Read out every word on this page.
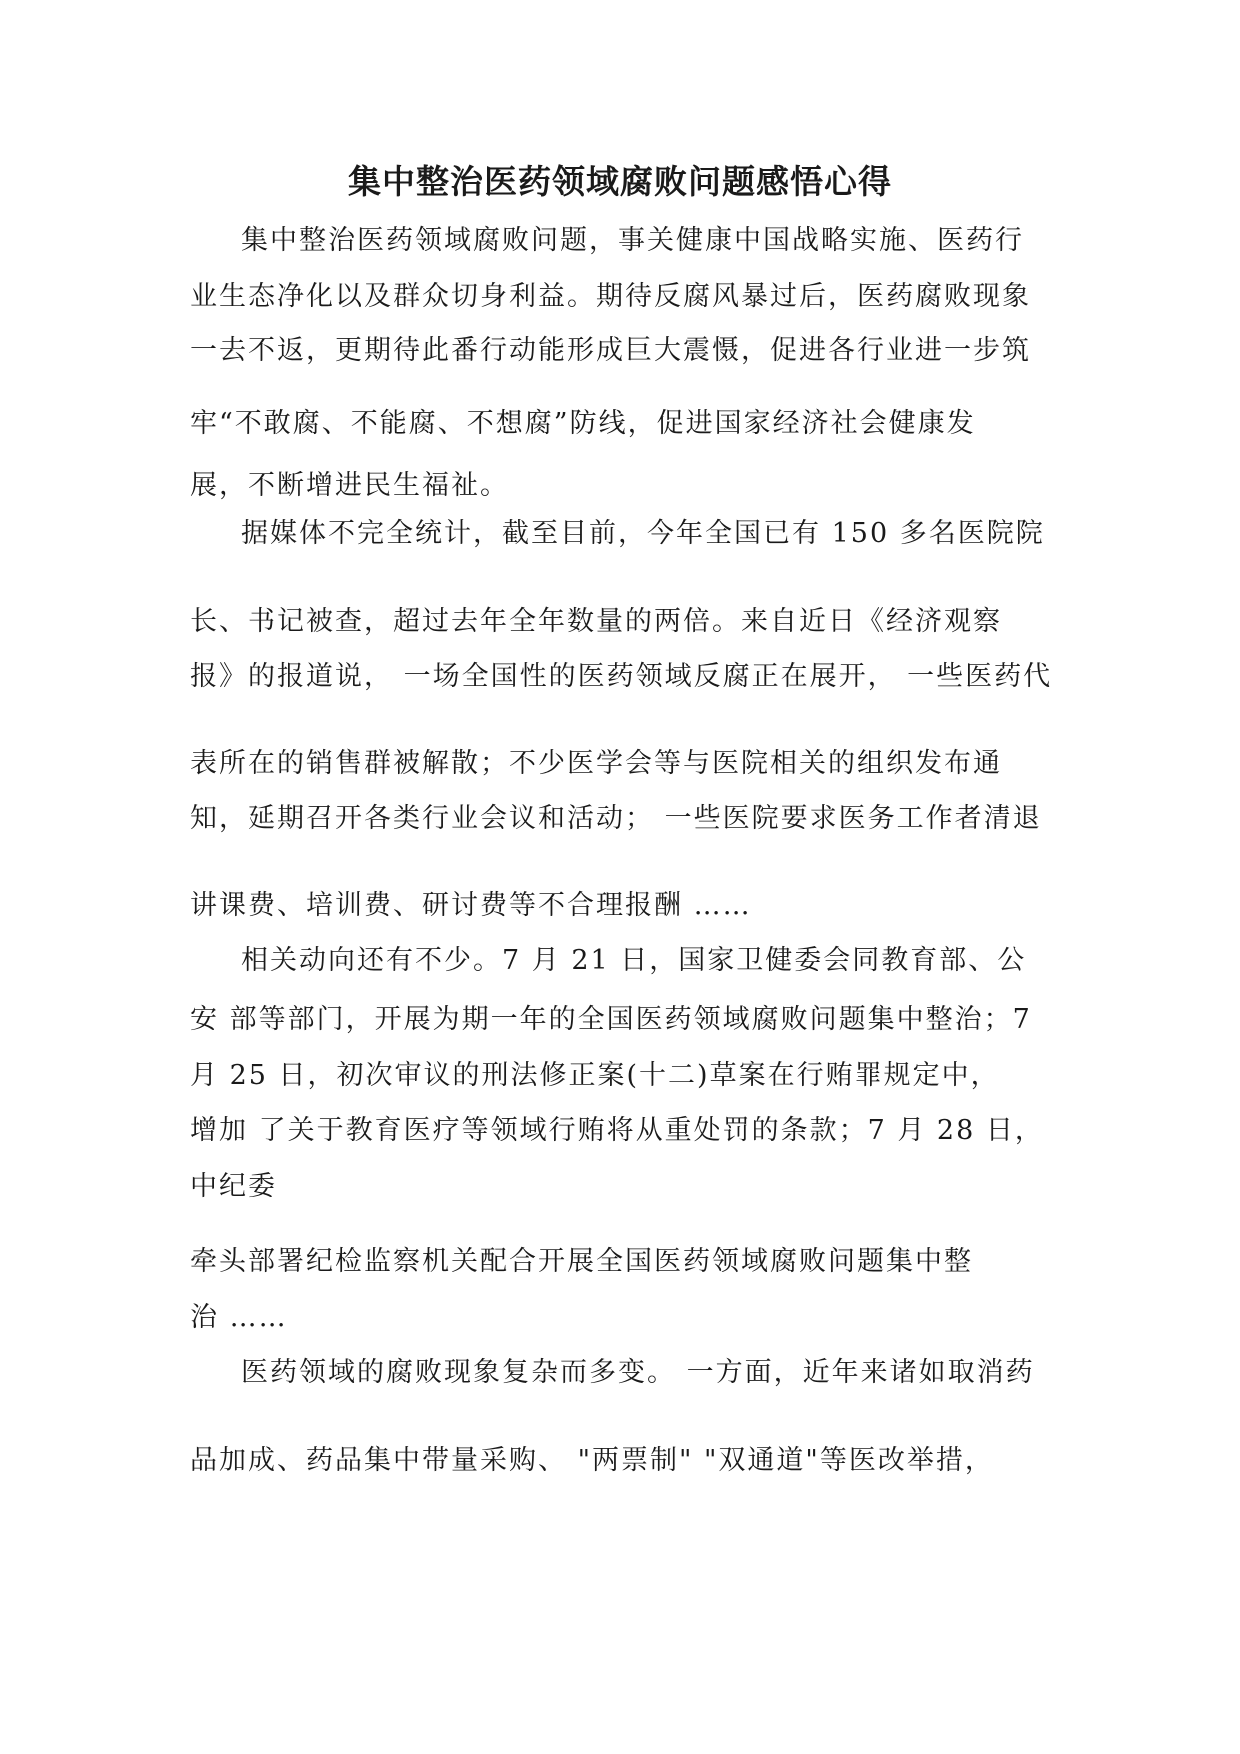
集中整治医药领域腐败问题感悟心得
集中整治医药领域腐败问题，事关健康中国战略实施、医药行
业生态净化以及群众切身利益。期待反腐风暴过后，医药腐败现象
一去不返，更期待此番行动能形成巨大震慑，促进各行业进一步筑
牢“不敢腐、不能腐、不想腐”防线，促进国家经济社会健康发
展，不断增进民生福祉。
据媒体不完全统计，截至目前，今年全国已有 150 多名医院院
长、书记被查，超过去年全年数量的两倍。来自近日《经济观察
报》的报道说， 一场全国性的医药领域反腐正在展开， 一些医药代
表所在的销售群被解散；不少医学会等与医院相关的组织发布通
知，延期召开各类行业会议和活动； 一些医院要求医务工作者清退
讲课费、培训费、研讨费等不合理报酬 ……
相关动向还有不少。7 月 21 日，国家卫健委会同教育部、公
安 部等部门，开展为期一年的全国医药领域腐败问题集中整治；7
月 25 日，初次审议的刑法修正案(十二)草案在行贿罪规定中，
增加 了关于教育医疗等领域行贿将从重处罚的条款；7 月 28 日，
中纪委
牵头部署纪检监察机关配合开展全国医药领域腐败问题集中整
治 ……
医药领域的腐败现象复杂而多变。 一方面，近年来诸如取消药
品加成、药品集中带量采购、 "两票制" "双通道"等医改举措，
